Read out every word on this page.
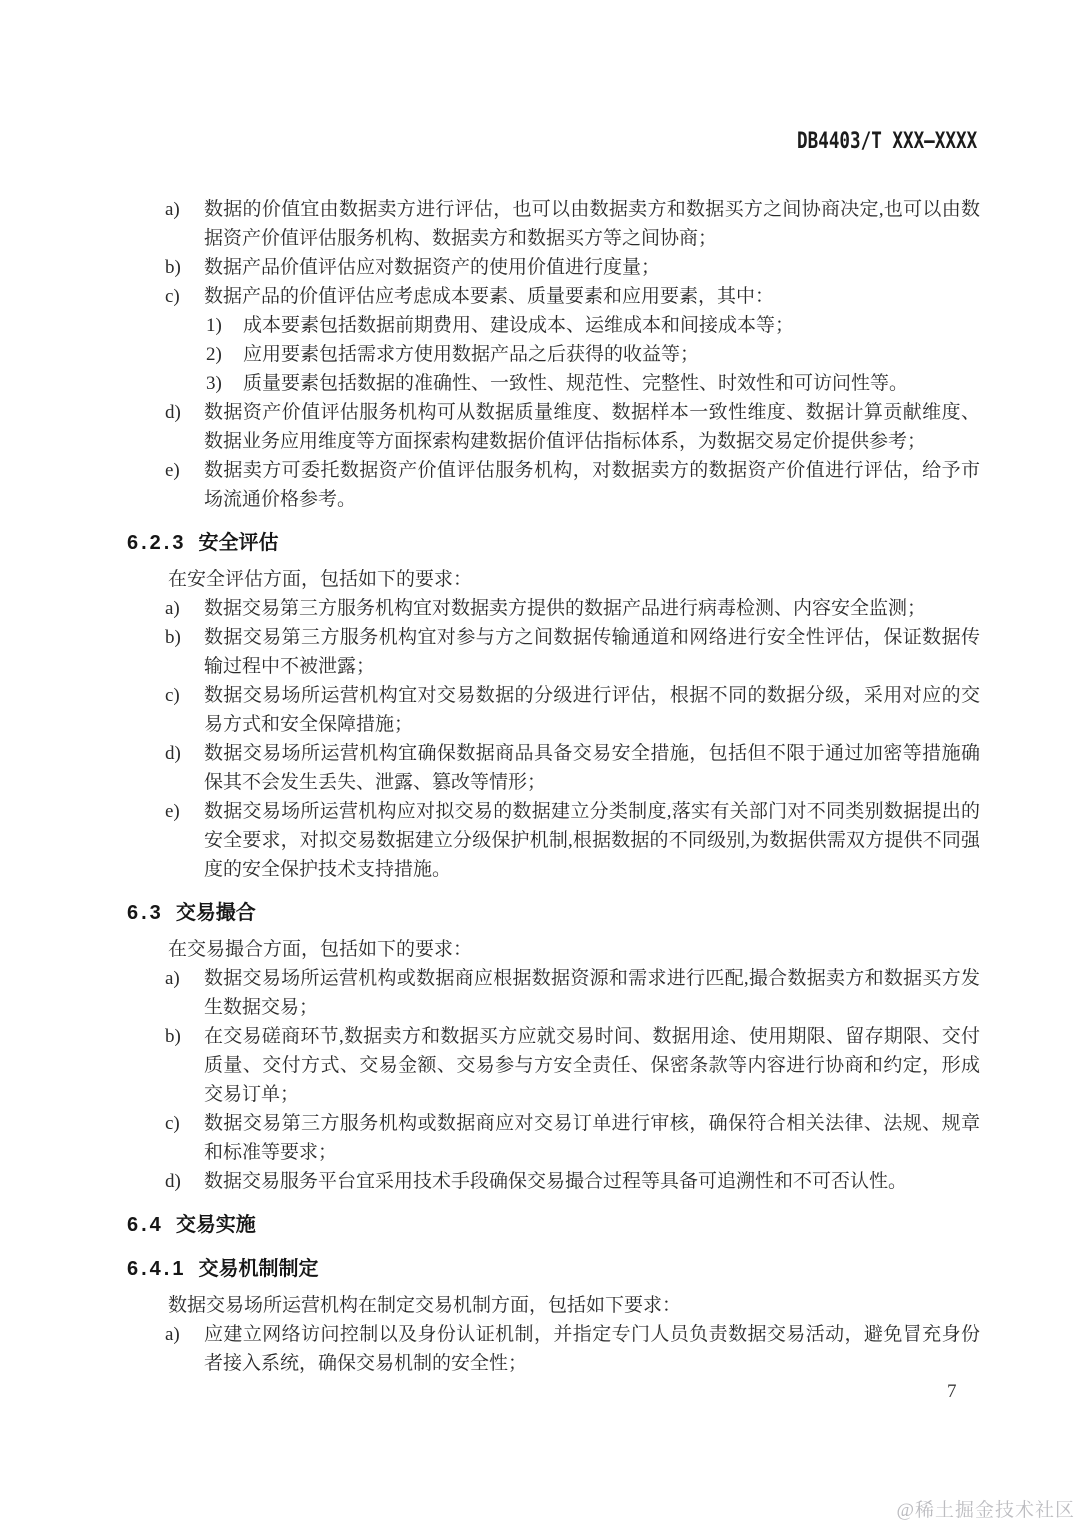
DB4403/T XXX—XXXX
a) 数据的价值宜由数据卖方进行评估，也可以由数据卖方和数据买方之间协商决定,也可以由数据资产价值评估服务机构、数据卖方和数据买方等之间协商；
b) 数据产品价值评估应对数据资产的使用价值进行度量；
c) 数据产品的价值评估应考虑成本要素、质量要素和应用要素，其中：
1) 成本要素包括数据前期费用、建设成本、运维成本和间接成本等；
2) 应用要素包括需求方使用数据产品之后获得的收益等；
3) 质量要素包括数据的准确性、一致性、规范性、完整性、时效性和可访问性等。
d) 数据资产价值评估服务机构可从数据质量维度、数据样本一致性维度、数据计算贡献维度、数据业务应用维度等方面探索构建数据价值评估指标体系，为数据交易定价提供参考；
e) 数据卖方可委托数据资产价值评估服务机构，对数据卖方的数据资产价值进行评估，给予市场流通价格参考。
6.2.3 安全评估

在安全评估方面，包括如下的要求：

a) 数据交易第三方服务机构宜对数据卖方提供的数据产品进行病毒检测、内容安全监测；
b) 数据交易第三方服务机构宜对参与方之间数据传输通道和网络进行安全性评估，保证数据传输过程中不被泄露；
c) 数据交易场所运营机构宜对交易数据的分级进行评估，根据不同的数据分级，采用对应的交易方式和安全保障措施；
d) 数据交易场所运营机构宜确保数据商品具备交易安全措施，包括但不限于通过加密等措施确保其不会发生丢失、泄露、篡改等情形；
e) 数据交易场所运营机构应对拟交易的数据建立分类制度,落实有关部门对不同类别数据提出的安全要求，对拟交易数据建立分级保护机制,根据数据的不同级别,为数据供需双方提供不同强度的安全保护技术支持措施。
6.3 交易撮合

在交易撮合方面，包括如下的要求：

a) 数据交易场所运营机构或数据商应根据数据资源和需求进行匹配,撮合数据卖方和数据买方发生数据交易；
b) 在交易磋商环节,数据卖方和数据买方应就交易时间、数据用途、使用期限、留存期限、交付质量、交付方式、交易金额、交易参与方安全责任、保密条款等内容进行协商和约定，形成交易订单；
c) 数据交易第三方服务机构或数据商应对交易订单进行审核，确保符合相关法律、法规、规章和标准等要求；
d) 数据交易服务平台宜采用技术手段确保交易撮合过程等具备可追溯性和不可否认性。
6.4 交易实施
6.4.1 交易机制制定

数据交易场所运营机构在制定交易机制方面，包括如下要求：

a) 应建立网络访问控制以及身份认证机制，并指定专门人员负责数据交易活动，避免冒充身份者接入系统，确保交易机制的安全性；
7
@稀土掘金技术社区
